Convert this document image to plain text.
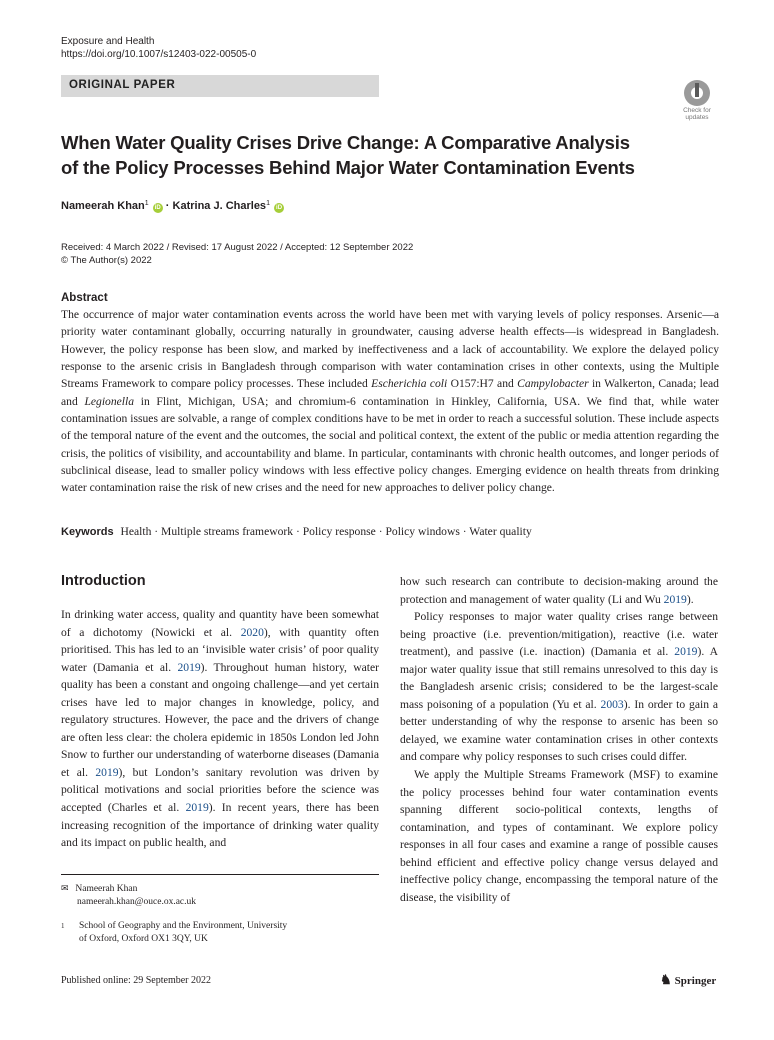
Exposure and Health
https://doi.org/10.1007/s12403-022-00505-0
ORIGINAL PAPER
Check for
updates
When Water Quality Crises Drive Change: A Comparative Analysis
of the Policy Processes Behind Major Water Contamination Events
Nameerah Khan$^1$ iD · Katrina J. Charles$^1$ iD
Received: 4 March 2022 / Revised: 17 August 2022 / Accepted: 12 September 2022
© The Author(s) 2022
Abstract
The occurrence of major water contamination events across the world have been met with varying levels of policy responses. Arsenic—a priority water contaminant globally, occurring naturally in groundwater, causing adverse health effects—is widespread in Bangladesh. However, the policy response has been slow, and marked by ineffectiveness and a lack of accountability. We explore the delayed policy response to the arsenic crisis in Bangladesh through comparison with water contamination crises in other contexts, using the Multiple Streams Framework to compare policy processes. These included Escherichia coli O157:H7 and Campylobacter in Walkerton, Canada; lead and Legionella in Flint, Michigan, USA; and chromium-6 contamination in Hinkley, California, USA. We find that, while water contamination issues are solvable, a range of complex conditions have to be met in order to reach a successful solution. These include aspects of the temporal nature of the event and the outcomes, the social and political context, the extent of the public or media attention regarding the crisis, the politics of visibility, and accountability and blame. In particular, contaminants with chronic health outcomes, and longer periods of subclinical disease, lead to smaller policy windows with less effective policy changes. Emerging evidence on health threats from drinking water contamination raise the risk of new crises and the need for new approaches to deliver policy change.
Keywords Health · Multiple streams framework · Policy response · Policy windows · Water quality
Introduction

In drinking water access, quality and quantity have been somewhat of a dichotomy (Nowicki et al. 2020), with quantity often prioritised. This has led to an ‘invisible water crisis’ of poor quality water (Damania et al. 2019). Throughout human history, water quality has been a constant and ongoing challenge—and yet certain crises have led to major changes in knowledge, policy, and regulatory structures. However, the pace and the drivers of change are often less clear: the cholera epidemic in 1850s London led John Snow to further our understanding of waterborne diseases (Damania et al. 2019), but London’s sanitary revolution was driven by political motivations and social priorities before the science was accepted (Charles et al. 2019). In recent years, there has been increasing recognition of the importance of drinking water quality and its impact on public health, and

how such research can contribute to decision-making around the protection and management of water quality (Li and Wu 2019).

Policy responses to major water quality crises range between being proactive (i.e. prevention/mitigation), reactive (i.e. water treatment), and passive (i.e. inaction) (Damania et al. 2019). A major water quality issue that still remains unresolved to this day is the Bangladesh arsenic crisis; considered to be the largest-scale mass poisoning of a population (Yu et al. 2003). In order to gain a better understanding of why the response to arsenic has been so delayed, we examine water contamination crises in other contexts and compare why policy responses to such crises could differ.

We apply the Multiple Streams Framework (MSF) to examine the policy processes behind four water contamination events spanning different socio-political contexts, lengths of contamination, and types of contaminant. We explore policy responses in all four cases and examine a range of possible causes behind efficient and effective policy change versus delayed and ineffective policy change, encompassing the temporal nature of the disease, the visibility of

✉ Nameerah Khan
nameerah.khan@ouce.ox.ac.uk
1 School of Geography and the Environment, University
of Oxford, Oxford OX1 3QY, UK
Published online: 29 September 2022	♞ Springer
